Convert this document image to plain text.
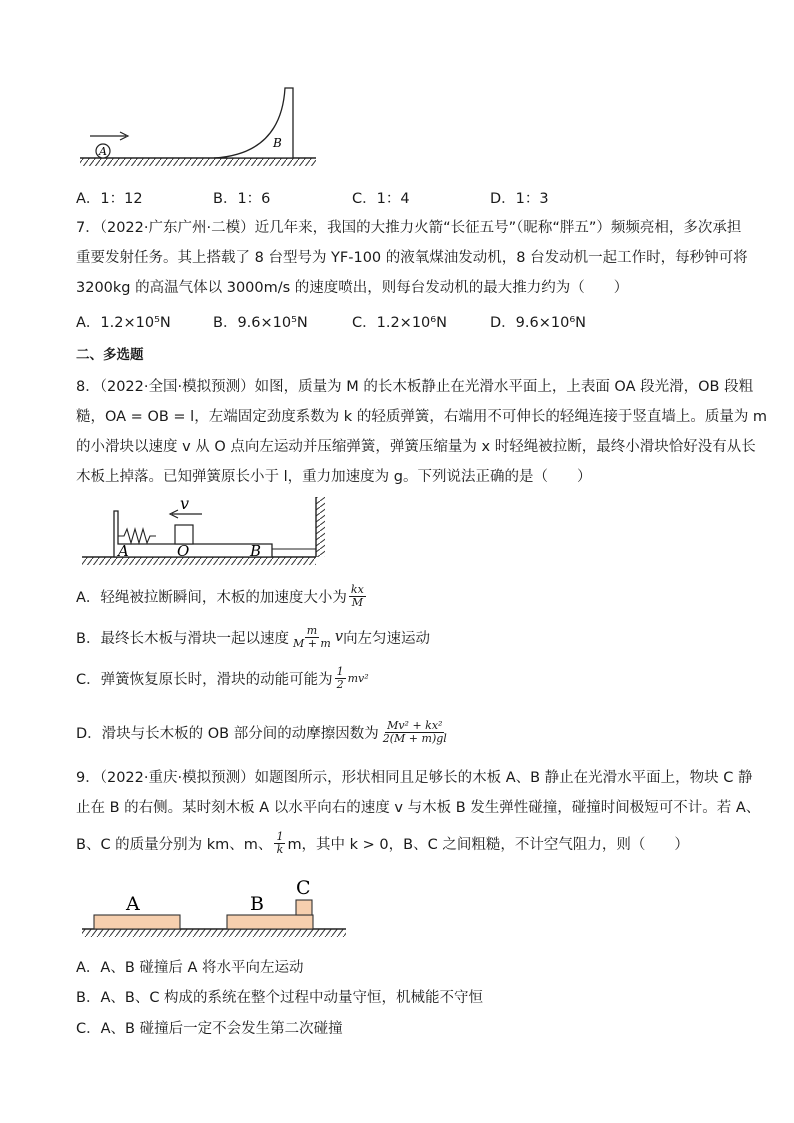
A
B
A．1：12	B．1：6	C．1：4	D．1：3
7．（2022·广东广州·二模）近几年来，我国的大推力火箭“长征五号”（昵称“胖五”）频频亮相，多次承担
重要发射任务。其上搭载了 8 台型号为 YF-100 的液氧煤油发动机，8 台发动机一起工作时，每秒钟可将
3200kg 的高温气体以 3000m/s 的速度喷出，则每台发动机的最大推力约为（　　）
A．1.2×10⁵N	B．9.6×10⁵N	C．1.2×10⁶N	D．9.6×10⁶N
二、多选题
8．（2022·全国·模拟预测）如图，质量为 M 的长木板静止在光滑水平面上，上表面 OA 段光滑，OB 段粗
糙，OA = OB = l，左端固定劲度系数为 k 的轻质弹簧，右端用不可伸长的轻绳连接于竖直墙上。质量为 m
的小滑块以速度 v 从 O 点向左运动并压缩弹簧，弹簧压缩量为 x 时轻绳被拉断，最终小滑块恰好没有从长
木板上掉落。已知弹簧原长小于 l，重力加速度为 g。下列说法正确的是（　　）
v
A	O	B
A．轻绳被拉断瞬间，木板的加速度大小为 $\frac{kx}{M}$
B．最终长木板与滑块一起以速度 $\frac{m}{M + m}$ v 向左匀速运动
C．弹簧恢复原长时，滑块的动能可能为 $\frac{1}{2} mv^2$
D．滑块与长木板的 OB 部分间的动摩擦因数为 $\frac{\text{Mv² + kx²}}{2(M + m)gl}$
9．（2022·重庆·模拟预测）如题图所示，形状相同且足够长的木板 A、B 静止在光滑水平面上，物块 C 静
止在 B 的右侧。某时刻木板 A 以水平向右的速度 v 与木板 B 发生弹性碰撞，碰撞时间极短可不计。若 A、
B、C 的质量分别为 km、m、 $\frac{1}{k}$ m，其中 k > 0，B、C 之间粗糙，不计空气阻力，则（　　）
A	B
C
A．A、B 碰撞后 A 将水平向左运动
B．A、B、C 构成的系统在整个过程中动量守恒，机械能不守恒
C．A、B 碰撞后一定不会发生第二次碰撞
